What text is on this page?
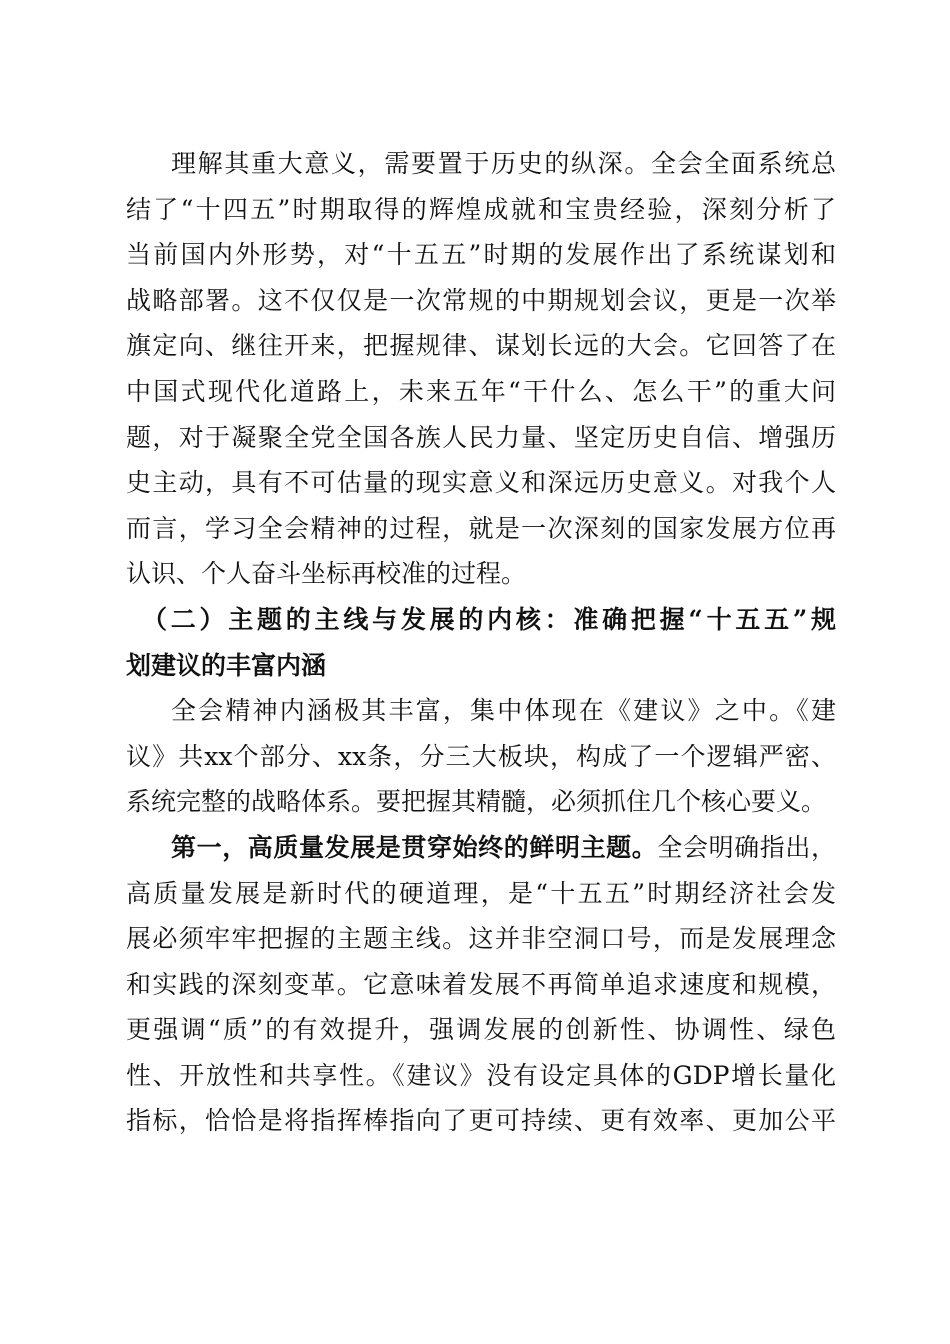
理解其重大意义，需要置于历史的纵深。全会全面系统总
结了“十四五”时期取得的辉煌成就和宝贵经验，深刻分析了
当前国内外形势，对“十五五”时期的发展作出了系统谋划和
战略部署。这不仅仅是一次常规的中期规划会议，更是一次举
旗定向、继往开来，把握规律、谋划长远的大会。它回答了在
中国式现代化道路上，未来五年“干什么、怎么干”的重大问
题，对于凝聚全党全国各族人民力量、坚定历史自信、增强历
史主动，具有不可估量的现实意义和深远历史意义。对我个人
而言，学习全会精神的过程，就是一次深刻的国家发展方位再
认识、个人奋斗坐标再校准的过程。
（二）主题的主线与发展的内核：准确把握“十五五”规
划建议的丰富内涵
全会精神内涵极其丰富，集中体现在《建议》之中。《建
议》共xx个部分、xx条，分三大板块，构成了一个逻辑严密、
系统完整的战略体系。要把握其精髓，必须抓住几个核心要义。
第一，高质量发展是贯穿始终的鲜明主题。全会明确指出，
高质量发展是新时代的硬道理，是“十五五”时期经济社会发
展必须牢牢把握的主题主线。这并非空洞口号，而是发展理念
和实践的深刻变革。它意味着发展不再简单追求速度和规模，
更强调“质”的有效提升，强调发展的创新性、协调性、绿色
性、开放性和共享性。《建议》没有设定具体的GDP增长量化
指标，恰恰是将指挥棒指向了更可持续、更有效率、更加公平
